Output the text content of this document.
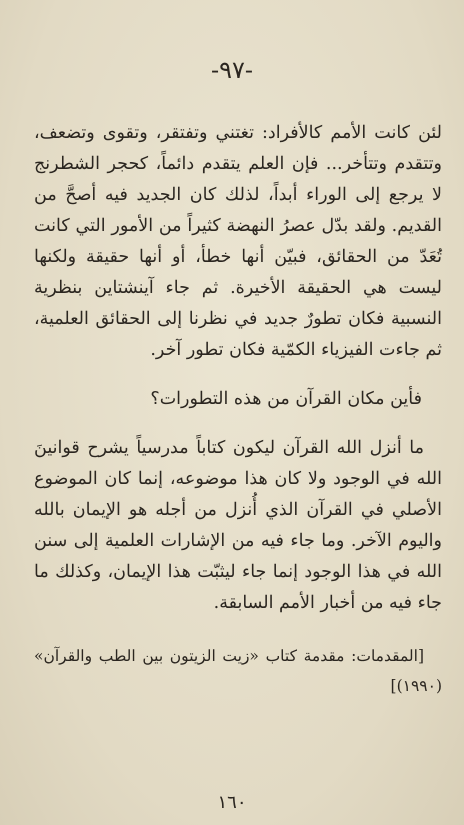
-٩٧-

لئن كانت الأمم كالأفراد: تغتني وتفتقر، وتقوى وتضعف، وتتقدم وتتأخر... فإن العلم يتقدم دائماً، كحجر الشطرنج لا يرجع إلى الوراء أبداً، لذلك كان الجديد فيه أصحَّ من القديم. ولقد بدّل عصرُ النهضة كثيراً من الأمور التي كانت تُعَدّ من الحقائق، فبيّن أنها خطأ، أو أنها حقيقة ولكنها ليست هي الحقيقة الأخيرة. ثم جاء آينشتاين بنظرية النسبية فكان تطورٌ جديد في نظرنا إلى الحقائق العلمية، ثم جاءت الفيزياء الكمّية فكان تطور آخر.

فأين مكان القرآن من هذه التطورات؟

ما أنزل الله القرآن ليكون كتاباً مدرسياً يشرح قوانينَ الله في الوجود ولا كان هذا موضوعه، إنما كان الموضوع الأصلي في القرآن الذي أُنزل من أجله هو الإيمان بالله واليوم الآخر. وما جاء فيه من الإشارات العلمية إلى سنن الله في هذا الوجود إنما جاء ليثبّت هذا الإيمان، وكذلك ما جاء فيه من أخبار الأمم السابقة.

[المقدمات: مقدمة كتاب «زيت الزيتون بين الطب والقرآن» (١٩٩٠)]

١٦٠
